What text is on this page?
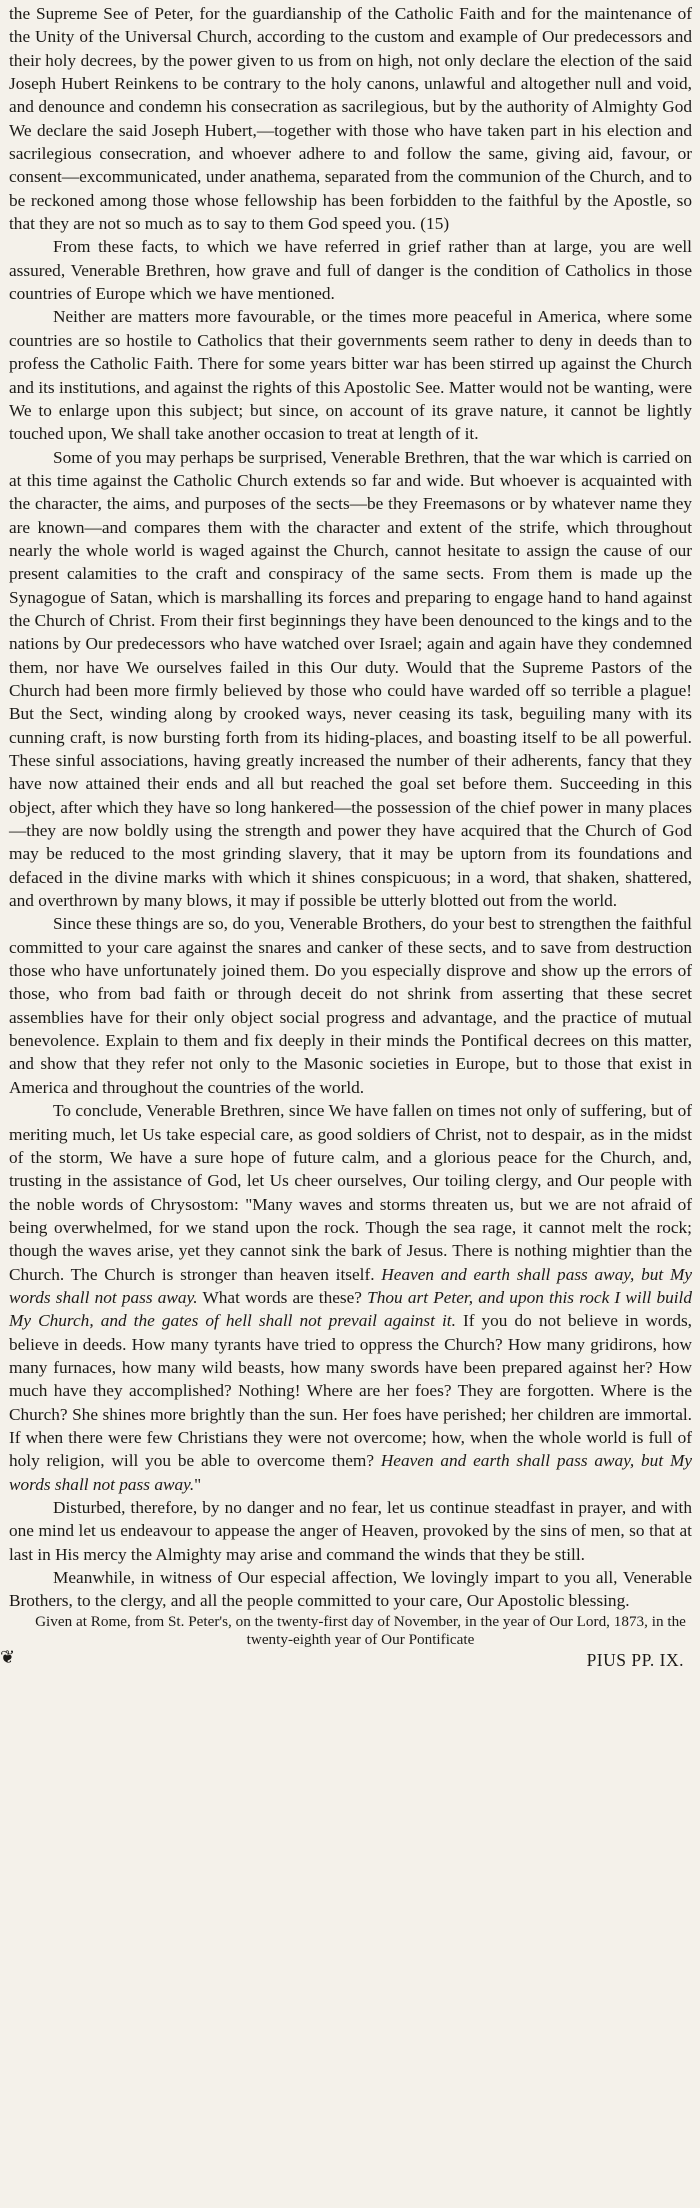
the Supreme See of Peter, for the guardianship of the Catholic Faith and for the maintenance of the Unity of the Universal Church, according to the custom and example of Our predecessors and their holy decrees, by the power given to us from on high, not only declare the election of the said Joseph Hubert Reinkens to be contrary to the holy canons, unlawful and altogether null and void, and denounce and condemn his consecration as sacrilegious, but by the authority of Almighty God We declare the said Joseph Hubert,—together with those who have taken part in his election and sacrilegious consecration, and whoever adhere to and follow the same, giving aid, favour, or consent—excommunicated, under anathema, separated from the communion of the Church, and to be reckoned among those whose fellowship has been forbidden to the faithful by the Apostle, so that they are not so much as to say to them God speed you. (15)

From these facts, to which we have referred in grief rather than at large, you are well assured, Venerable Brethren, how grave and full of danger is the condition of Catholics in those countries of Europe which we have mentioned.

Neither are matters more favourable, or the times more peaceful in America, where some countries are so hostile to Catholics that their governments seem rather to deny in deeds than to profess the Catholic Faith. There for some years bitter war has been stirred up against the Church and its institutions, and against the rights of this Apostolic See. Matter would not be wanting, were We to enlarge upon this subject; but since, on account of its grave nature, it cannot be lightly touched upon, We shall take another occasion to treat at length of it.

Some of you may perhaps be surprised, Venerable Brethren, that the war which is carried on at this time against the Catholic Church extends so far and wide. But whoever is acquainted with the character, the aims, and purposes of the sects—be they Freemasons or by whatever name they are known—and compares them with the character and extent of the strife, which throughout nearly the whole world is waged against the Church, cannot hesitate to assign the cause of our present calamities to the craft and conspiracy of the same sects. From them is made up the Synagogue of Satan, which is marshalling its forces and preparing to engage hand to hand against the Church of Christ. From their first beginnings they have been denounced to the kings and to the nations by Our predecessors who have watched over Israel; again and again have they condemned them, nor have We ourselves failed in this Our duty. Would that the Supreme Pastors of the Church had been more firmly believed by those who could have warded off so terrible a plague! But the Sect, winding along by crooked ways, never ceasing its task, beguiling many with its cunning craft, is now bursting forth from its hiding-places, and boasting itself to be all powerful. These sinful associations, having greatly increased the number of their adherents, fancy that they have now attained their ends and all but reached the goal set before them. Succeeding in this object, after which they have so long hankered—the possession of the chief power in many places—they are now boldly using the strength and power they have acquired that the Church of God may be reduced to the most grinding slavery, that it may be uptorn from its foundations and defaced in the divine marks with which it shines conspicuous; in a word, that shaken, shattered, and overthrown by many blows, it may if possible be utterly blotted out from the world.

Since these things are so, do you, Venerable Brothers, do your best to strengthen the faithful committed to your care against the snares and canker of these sects, and to save from destruction those who have unfortunately joined them. Do you especially disprove and show up the errors of those, who from bad faith or through deceit do not shrink from asserting that these secret assemblies have for their only object social progress and advantage, and the practice of mutual benevolence. Explain to them and fix deeply in their minds the Pontifical decrees on this matter, and show that they refer not only to the Masonic societies in Europe, but to those that exist in America and throughout the countries of the world.

To conclude, Venerable Brethren, since We have fallen on times not only of suffering, but of meriting much, let Us take especial care, as good soldiers of Christ, not to despair, as in the midst of the storm, We have a sure hope of future calm, and a glorious peace for the Church, and, trusting in the assistance of God, let Us cheer ourselves, Our toiling clergy, and Our people with the noble words of Chrysostom: "Many waves and storms threaten us, but we are not afraid of being overwhelmed, for we stand upon the rock. Though the sea rage, it cannot melt the rock; though the waves arise, yet they cannot sink the bark of Jesus. There is nothing mightier than the Church. The Church is stronger than heaven itself. Heaven and earth shall pass away, but My words shall not pass away. What words are these? Thou art Peter, and upon this rock I will build My Church, and the gates of hell shall not prevail against it. If you do not believe in words, believe in deeds. How many tyrants have tried to oppress the Church? How many gridirons, how many furnaces, how many wild beasts, how many swords have been prepared against her? How much have they accomplished? Nothing! Where are her foes? They are forgotten. Where is the Church? She shines more brightly than the sun. Her foes have perished; her children are immortal. If when there were few Christians they were not overcome; how, when the whole world is full of holy religion, will you be able to overcome them? Heaven and earth shall pass away, but My words shall not pass away."

Disturbed, therefore, by no danger and no fear, let us continue steadfast in prayer, and with one mind let us endeavour to appease the anger of Heaven, provoked by the sins of men, so that at last in His mercy the Almighty may arise and command the winds that they be still.

Meanwhile, in witness of Our especial affection, We lovingly impart to you all, Venerable Brothers, to the clergy, and all the people committed to your care, Our Apostolic blessing.

Given at Rome, from St. Peter's, on the twenty-first day of November, in the year of Our Lord, 1873, in the twenty-eighth year of Our Pontificate

PIUS PP. IX.

❦
